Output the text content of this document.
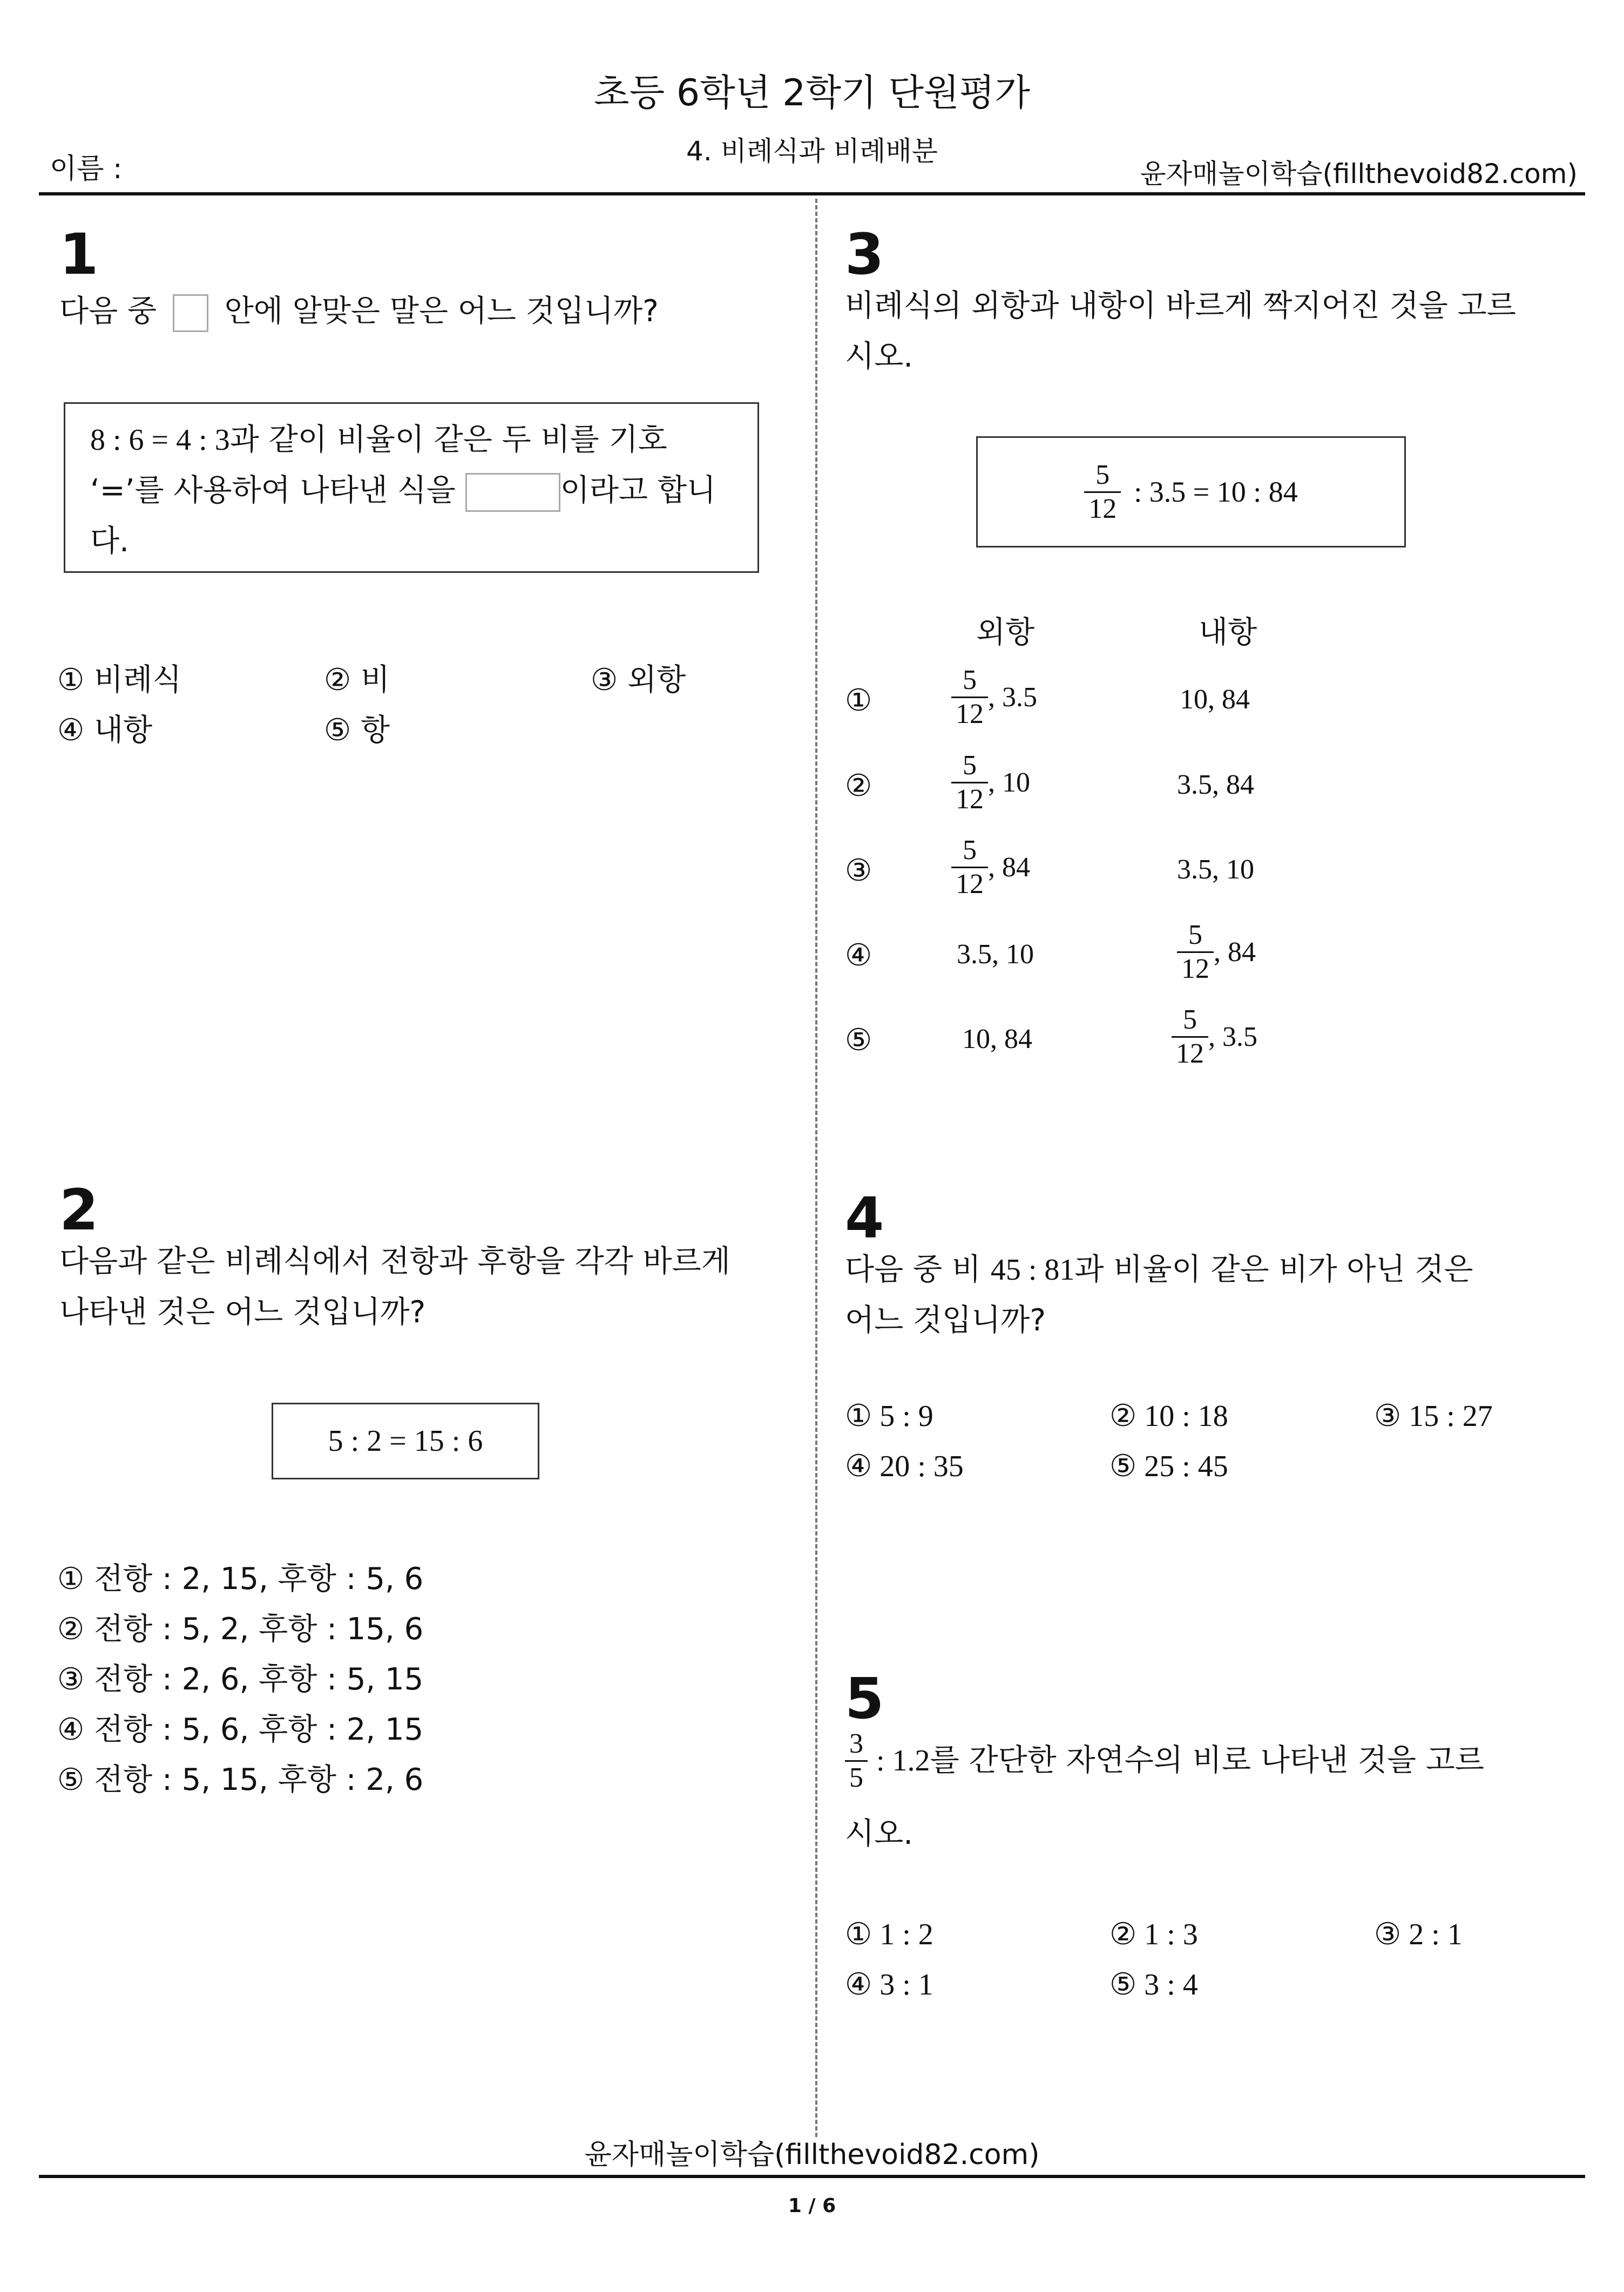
초등 6학년 2학기 단원평가
4. 비례식과 비례배분
이름 :	윤자매놀이학습(fillthevoid82.com)
1
다음 중 안에 알맞은 말은 어느 것입니까?
8 : 6 = 4 : 3과 같이 비율이 같은 두 비를 기호
‘=’를 사용하여 나타낸 식을	이라고 합니
다.
① 비례식	② 비	③ 외항
④ 내항	⑤ 항
2
다음과 같은 비례식에서 전항과 후항을 각각 바르게
나타낸 것은 어느 것입니까?
5 : 2 = 15 : 6
① 전항 : 2, 15, 후항 : 5, 6
② 전항 : 5, 2, 후항 : 15, 6
③ 전항 : 2, 6, 후항 : 5, 15
④ 전항 : 5, 6, 후항 : 2, 15
⑤ 전항 : 5, 15, 후항 : 2, 6
3
비례식의 외항과 내항이 바르게 짝지어진 것을 고르
시오.
$\frac{5}{12}$ : 3.5 = 10 : 84
외항	내항
①	$\frac{5}{12}$ , 3.5	10, 84
②	$\frac{5}{12}$ , 10	3.5, 84
③	$\frac{5}{12}$ , 84	3.5, 10
④	3.5, 10	$\frac{5}{12}$ , 84
⑤	10, 84	$\frac{5}{12}$ , 3.5
4
다음 중 비 45 : 81과 비율이 같은 비가 아닌 것은
어느 것입니까?
① 5 : 9	② 10 : 18	③ 15 : 27
④ 20 : 35	⑤ 25 : 45
5
$\frac{3}{5}$ : 1.2 를 간단한 자연수의 비로 나타낸 것을 고르
시오.
① 1 : 2	② 1 : 3	③ 2 : 1
④ 3 : 1	⑤ 3 : 4
윤자매놀이학습(fillthevoid82.com)
1 / 6
